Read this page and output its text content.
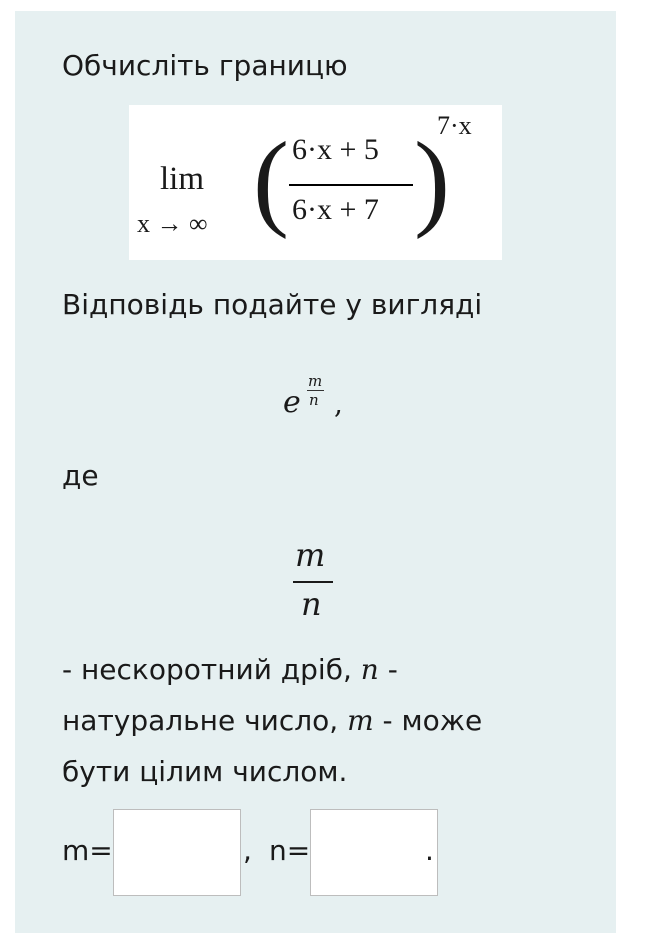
Обчисліть границю
lim
x → ∞ ( 6·x + 5
6·x + 7 )
7·x
Відповідь подайте у вигляді
e
m
n ,
де
m
n
- нескоротний дріб, n -
натуральне число, m - може
бути цілим числом.
m=	, n=	.
